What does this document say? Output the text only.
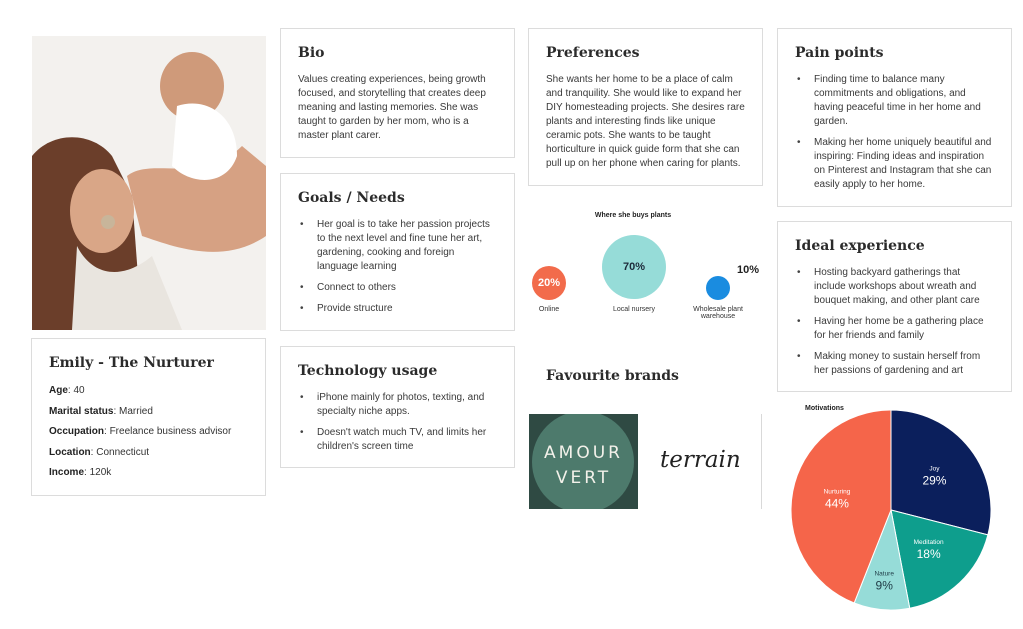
Emily - The Nurturer
Age: 40
Marital status: Married
Occupation: Freelance business advisor
Location: Connecticut
Income: 120k
Bio

Values creating experiences, being growth focused, and storytelling that creates deep meaning and lasting memories. She was taught to garden by her mom, who is a master plant carer.

Goals / Needs
• Her goal is to take her passion projects to the next level and fine tune her art, gardening, cooking and foreign language learning
• Connect to others
• Provide structure
Technology usage
• iPhone mainly for photos, texting, and specialty niche apps.
• Doesn't watch much TV, and limits her children's screen time
Preferences

She wants her home to be a place of calm and tranquility. She would like to expand her DIY homesteading projects. She desires rare plants and interesting finds like unique ceramic pots. She wants to be taught horticulture in quick guide form that she can pull up on her phone when caring for plants.

Pain points
• Finding time to balance many commitments and obligations, and having peaceful time in her home and garden.
• Making her home uniquely beautiful and inspiring: Finding ideas and inspiration on Pinterest and Instagram that she can easily apply to her home.
Ideal experience
• Hosting backyard gatherings that include workshops about wreath and bouquet making, and other plant care
• Having her home be a gathering place for her friends and family
• Making money to sustain herself from her passions of gardening and art
Where she buys plants
20%
Online
70%
Local nursery
10%
Wholesale plant warehouse
Favourite brands
AMOUR
VERT
terrain
Motivations
Joy
29%
Meditation
18%
Nature
9%
Nurturing
44%
